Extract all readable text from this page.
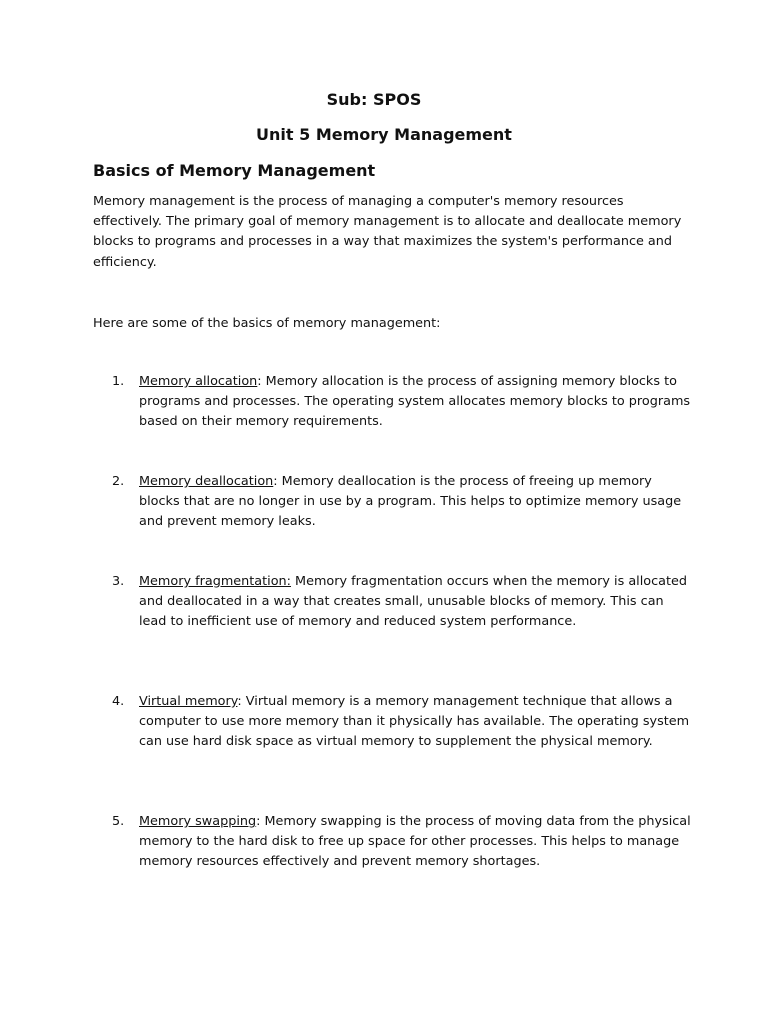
Sub: SPOS
Unit 5 Memory Management
Basics of Memory Management

Memory management is the process of managing a computer's memory resources effectively. The primary goal of memory management is to allocate and deallocate memory blocks to programs and processes in a way that maximizes the system's performance and efficiency.

Here are some of the basics of memory management:

1. Memory allocation: Memory allocation is the process of assigning memory blocks to programs and processes. The operating system allocates memory blocks to programs based on their memory requirements.
2. Memory deallocation: Memory deallocation is the process of freeing up memory blocks that are no longer in use by a program. This helps to optimize memory usage and prevent memory leaks.
3. Memory fragmentation: Memory fragmentation occurs when the memory is allocated and deallocated in a way that creates small, unusable blocks of memory. This can lead to inefficient use of memory and reduced system performance.
4. Virtual memory: Virtual memory is a memory management technique that allows a computer to use more memory than it physically has available. The operating system can use hard disk space as virtual memory to supplement the physical memory.
5. Memory swapping: Memory swapping is the process of moving data from the physical memory to the hard disk to free up space for other processes. This helps to manage memory resources effectively and prevent memory shortages.
